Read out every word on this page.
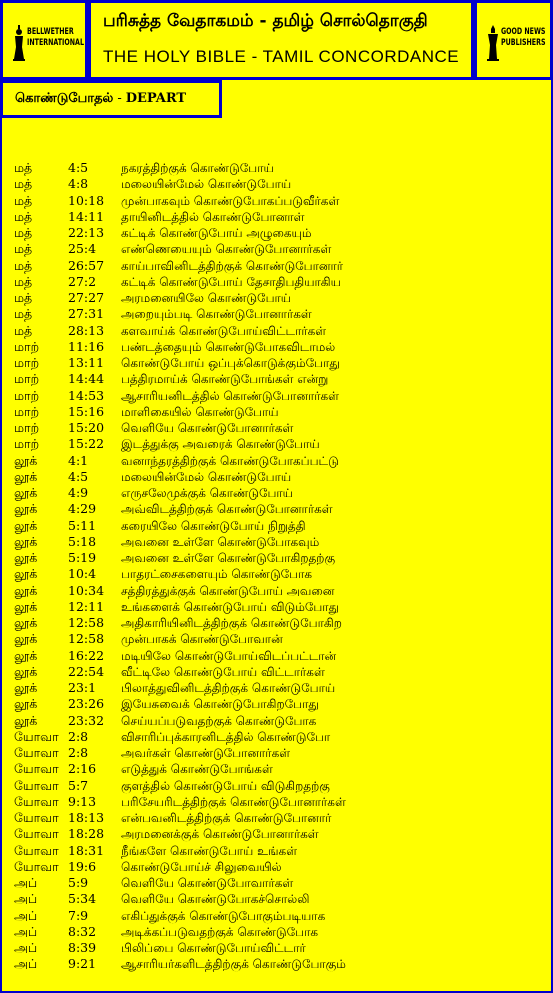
BELLWETHER
INTERNATIONAL
பரிசுத்த வேதாகமம் - தமிழ் சொல்தொகுதி
THE HOLY BIBLE - TAMIL CONCORDANCE
GOOD NEWS
PUBLISHERS
கொண்டுபோதல் - DEPART
மத்	4:5	நகரத்திற்குக் கொண்டுபோய்
மத்	4:8	மலையின்மேல் கொண்டுபோய்
மத்	10:18 முன்பாகவும் கொண்டுபோகப்படுவீர்கள்
மத்	14:11 தாயினிடத்தில் கொண்டுபோனாள்
மத்	22:13 கட்டிக் கொண்டுபோய் அழுகையும்
மத்	25:4 எண்ணெயையும் கொண்டுபோனார்கள்
மத்	26:57 காய்பாவினிடத்திற்குக் கொண்டுபோனார்
மத்	27:2 கட்டிக் கொண்டுபோய் தேசாதிபதியாகிய
மத்	27:27 அரமனையிலே கொண்டுபோய்
மத்	27:31 அறையும்படி கொண்டுபோனார்கள்
மத்	28:13 களவாய்க் கொண்டுபோய்விட்டார்கள்
மாற் 11:16 பண்டத்தையும் கொண்டுபோகவிடாமல்
மாற் 13:11 கொண்டுபோய் ஒப்புக்கொடுக்கும்போது
மாற் 14:44 பத்திரமாய்க் கொண்டுபோங்கள் என்று
மாற் 14:53 ஆசாரியனிடத்தில் கொண்டுபோனார்கள்
மாற் 15:16 மாளிகையில் கொண்டுபோய்
மாற் 15:20 வெளியே கொண்டுபோனார்கள்
மாற் 15:22 இடத்துக்கு அவரைக் கொண்டுபோய்
லூக் 4:1	வனாந்தரத்திற்குக் கொண்டுபோகப்பட்டு
லூக் 4:5	மலையின்மேல் கொண்டுபோய்
லூக் 4:9	எருசலேமுக்குக் கொண்டுபோய்
லூக் 4:29 அவ்விடத்திற்குக் கொண்டுபோனார்கள்
லூக் 5:11 கரையிலே கொண்டுபோய் நிறுத்தி
லூக் 5:18 அவனை உள்ளே கொண்டுபோகவும்
லூக் 5:19 அவனை உள்ளே கொண்டுபோகிறதற்கு
லூக் 10:4 பாதரட்சைகளையும் கொண்டுபோக
லூக் 10:34 சத்திரத்துக்குக் கொண்டுபோய் அவனை
லூக் 12:11 உங்களைக் கொண்டுபோய் விடும்போது
லூக் 12:58 அதிகாரியினிடத்திற்குக் கொண்டுபோகிற
லூக் 12:58 முன்பாகக் கொண்டுபோவான்
லூக் 16:22 மடியிலே கொண்டுபோய்விடப்பட்டான்
லூக் 22:54 வீட்டிலே கொண்டுபோய் விட்டார்கள்
லூக் 23:1 பிலாத்துவினிடத்திற்குக் கொண்டுபோய்
லூக் 23:26 இயேசுவைக் கொண்டுபோகிறபோது
லூக் 23:32 செய்யப்படுவதற்குக் கொண்டுபோக
யோவா 2:8	விசாரிப்புக்காரனிடத்தில் கொண்டுபோ
யோவா 2:8	அவர்கள் கொண்டுபோனார்கள்
யோவா 2:16 எடுத்துக் கொண்டுபோங்கள்
யோவா 5:7	குளத்தில் கொண்டுபோய் விடுகிறதற்கு
யோவா 9:13 பரிசேயரிடத்திற்குக் கொண்டுபோனார்கள்
யோவா 18:13 என்பவனிடத்திற்குக் கொண்டுபோனார்
யோவா 18:28 அரமனைக்குக் கொண்டுபோனார்கள்
யோவா 18:31 நீங்களே கொண்டுபோய் உங்கள்
யோவா 19:6 கொண்டுபோய்ச் சிலுவையில்
அப் 5:9	வெளியே கொண்டுபோவார்கள்
அப் 5:34 வெளியே கொண்டுபோகச்சொல்லி
அப் 7:9	எகிப்துக்குக் கொண்டுபோகும்படியாக
அப் 8:32 அடிக்கப்படுவதற்குக் கொண்டுபோக
அப் 8:39 பிலிப்பை கொண்டுபோய்விட்டார்
அப் 9:21 ஆசாரியர்களிடத்திற்குக் கொண்டுபோகும்
